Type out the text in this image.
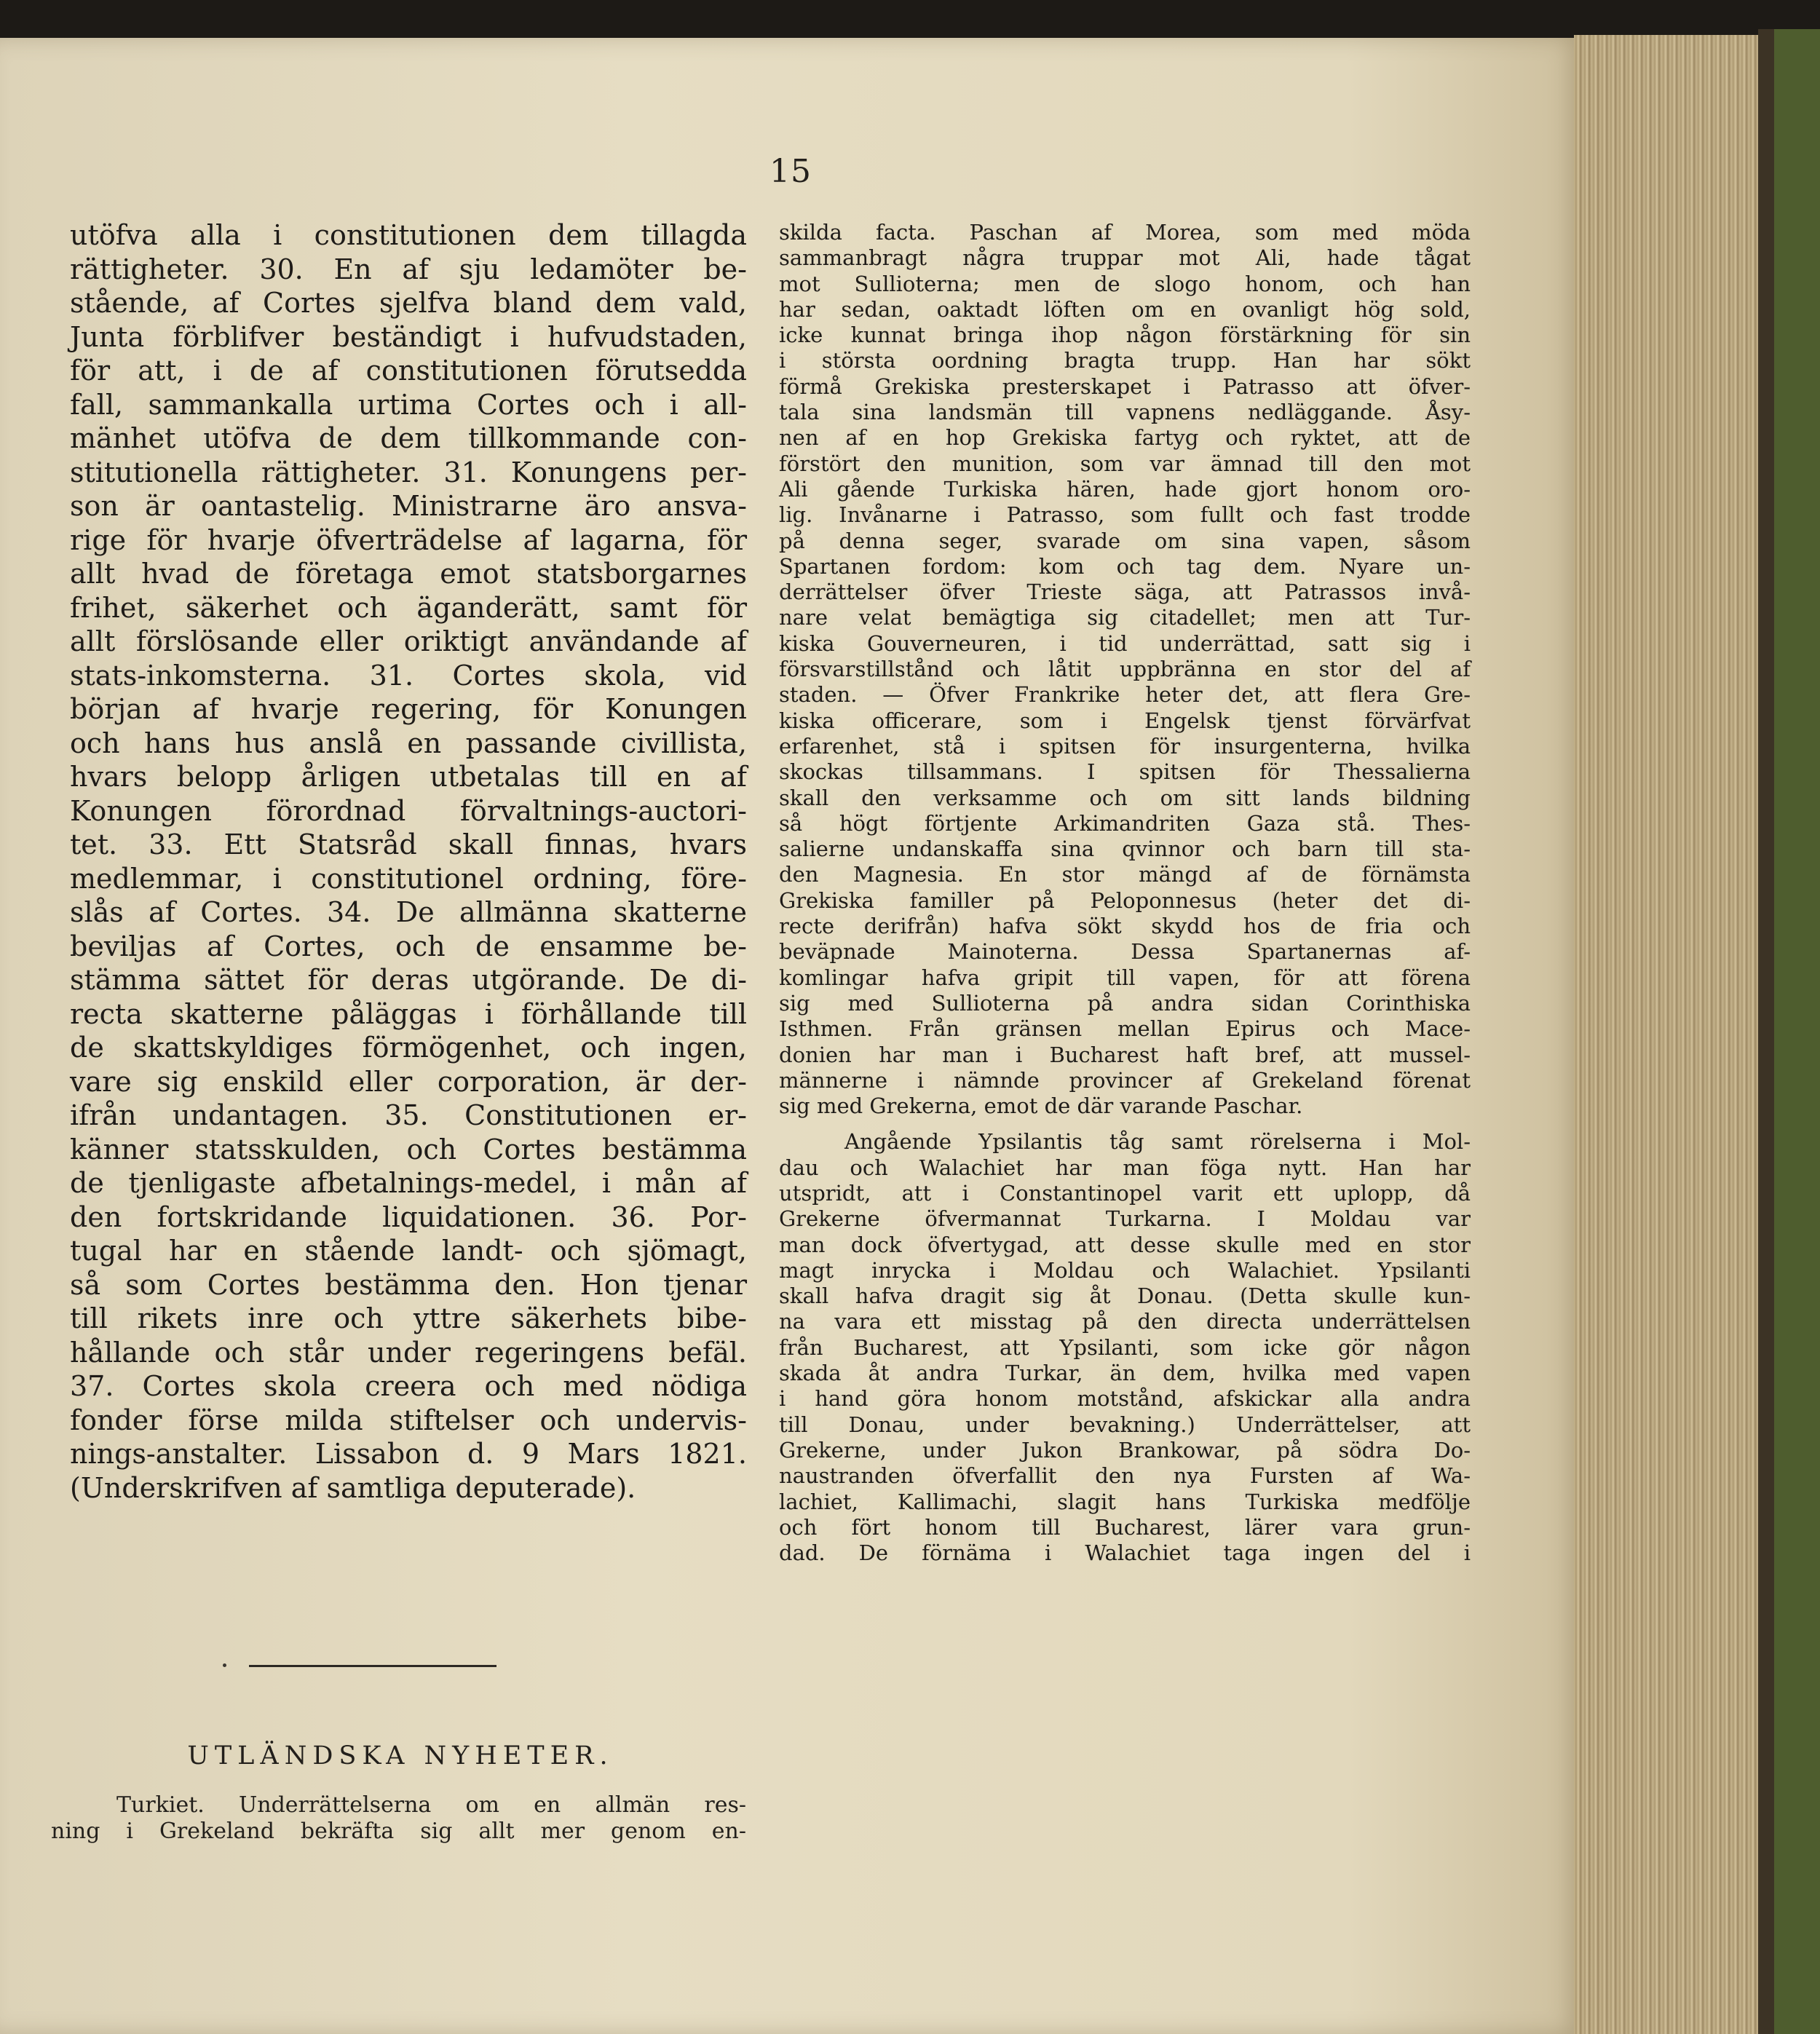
15
utöfva alla i constitutionen dem tillagda
rättigheter. 30. En af sju ledamöter be-
stående, af Cortes sjelfva bland dem vald,
Junta förblifver beständigt i hufvudstaden,
för att, i de af constitutionen förutsedda
fall, sammankalla urtima Cortes och i all-
mänhet utöfva de dem tillkommande con-
stitutionella rättigheter. 31. Konungens per-
son är oantastelig. Ministrarne äro ansva-
rige för hvarje öfverträdelse af lagarna, för
allt hvad de företaga emot statsborgarnes
frihet, säkerhet och äganderätt, samt för
allt förslösande eller oriktigt användande af
stats-inkomsterna. 31. Cortes skola, vid
början af hvarje regering, för Konungen
och hans hus anslå en passande civillista,
hvars belopp årligen utbetalas till en af
Konungen förordnad förvaltnings-auctori-
tet. 33. Ett Statsråd skall finnas, hvars
medlemmar, i constitutionel ordning, före-
slås af Cortes. 34. De allmänna skatterne
beviljas af Cortes, och de ensamme be-
stämma sättet för deras utgörande. De di-
recta skatterne påläggas i förhållande till
de skattskyldiges förmögenhet, och ingen,
vare sig enskild eller corporation, är der-
ifrån undantagen. 35. Constitutionen er-
känner statsskulden, och Cortes bestämma
de tjenligaste afbetalnings-medel, i mån af
den fortskridande liquidationen. 36. Por-
tugal har en stående landt- och sjömagt,
så som Cortes bestämma den. Hon tjenar
till rikets inre och yttre säkerhets bibe-
hållande och står under regeringens befäl.
37. Cortes skola creera och med nödiga
fonder förse milda stiftelser och undervis-
nings-anstalter. Lissabon d. 9 Mars 1821.
(Underskrifven af samtliga deputerade).
UTLÄNDSKA NYHETER.
Turkiet. Underrättelserna om en allmän res-
ning i Grekeland bekräfta sig allt mer genom en-
skilda facta. Paschan af Morea, som med möda
sammanbragt några truppar mot Ali, hade tågat
mot Sullioterna; men de slogo honom, och han
har sedan, oaktadt löften om en ovanligt hög sold,
icke kunnat bringa ihop någon förstärkning för sin
i största oordning bragta trupp. Han har sökt
förmå Grekiska presterskapet i Patrasso att öfver-
tala sina landsmän till vapnens nedläggande. Åsy-
nen af en hop Grekiska fartyg och ryktet, att de
förstört den munition, som var ämnad till den mot
Ali gående Turkiska hären, hade gjort honom oro-
lig. Invånarne i Patrasso, som fullt och fast trodde
på denna seger, svarade om sina vapen, såsom
Spartanen fordom: kom och tag dem. Nyare un-
derrättelser öfver Trieste säga, att Patrassos invå-
nare velat bemägtiga sig citadellet; men att Tur-
kiska Gouverneuren, i tid underrättad, satt sig i
försvarstillstånd och låtit uppbränna en stor del af
staden. — Öfver Frankrike heter det, att flera Gre-
kiska officerare, som i Engelsk tjenst förvärfvat
erfarenhet, stå i spitsen för insurgenterna, hvilka
skockas tillsammans. I spitsen för Thessalierna
skall den verksamme och om sitt lands bildning
så högt förtjente Arkimandriten Gaza stå. Thes-
salierne undanskaffa sina qvinnor och barn till sta-
den Magnesia. En stor mängd af de förnämsta
Grekiska familler på Peloponnesus (heter det di-
recte derifrån) hafva sökt skydd hos de fria och
beväpnade Mainoterna. Dessa Spartanernas af-
komlingar hafva gripit till vapen, för att förena
sig med Sullioterna på andra sidan Corinthiska
Isthmen. Från gränsen mellan Epirus och Mace-
donien har man i Bucharest haft bref, att mussel-
männerne i nämnde provincer af Grekeland förenat
sig med Grekerna, emot de där varande Paschar.
Angående Ypsilantis tåg samt rörelserna i Mol-
dau och Walachiet har man föga nytt. Han har
utspridt, att i Constantinopel varit ett uplopp, då
Grekerne öfvermannat Turkarna. I Moldau var
man dock öfvertygad, att desse skulle med en stor
magt inrycka i Moldau och Walachiet. Ypsilanti
skall hafva dragit sig åt Donau. (Detta skulle kun-
na vara ett misstag på den directa underrättelsen
från Bucharest, att Ypsilanti, som icke gör någon
skada åt andra Turkar, än dem, hvilka med vapen
i hand göra honom motstånd, afskickar alla andra
till Donau, under bevakning.) Underrättelser, att
Grekerne, under Jukon Brankowar, på södra Do-
naustranden öfverfallit den nya Fursten af Wa-
lachiet, Kallimachi, slagit hans Turkiska medfölje
och fört honom till Bucharest, lärer vara grun-
dad. De förnäma i Walachiet taga ingen del i
